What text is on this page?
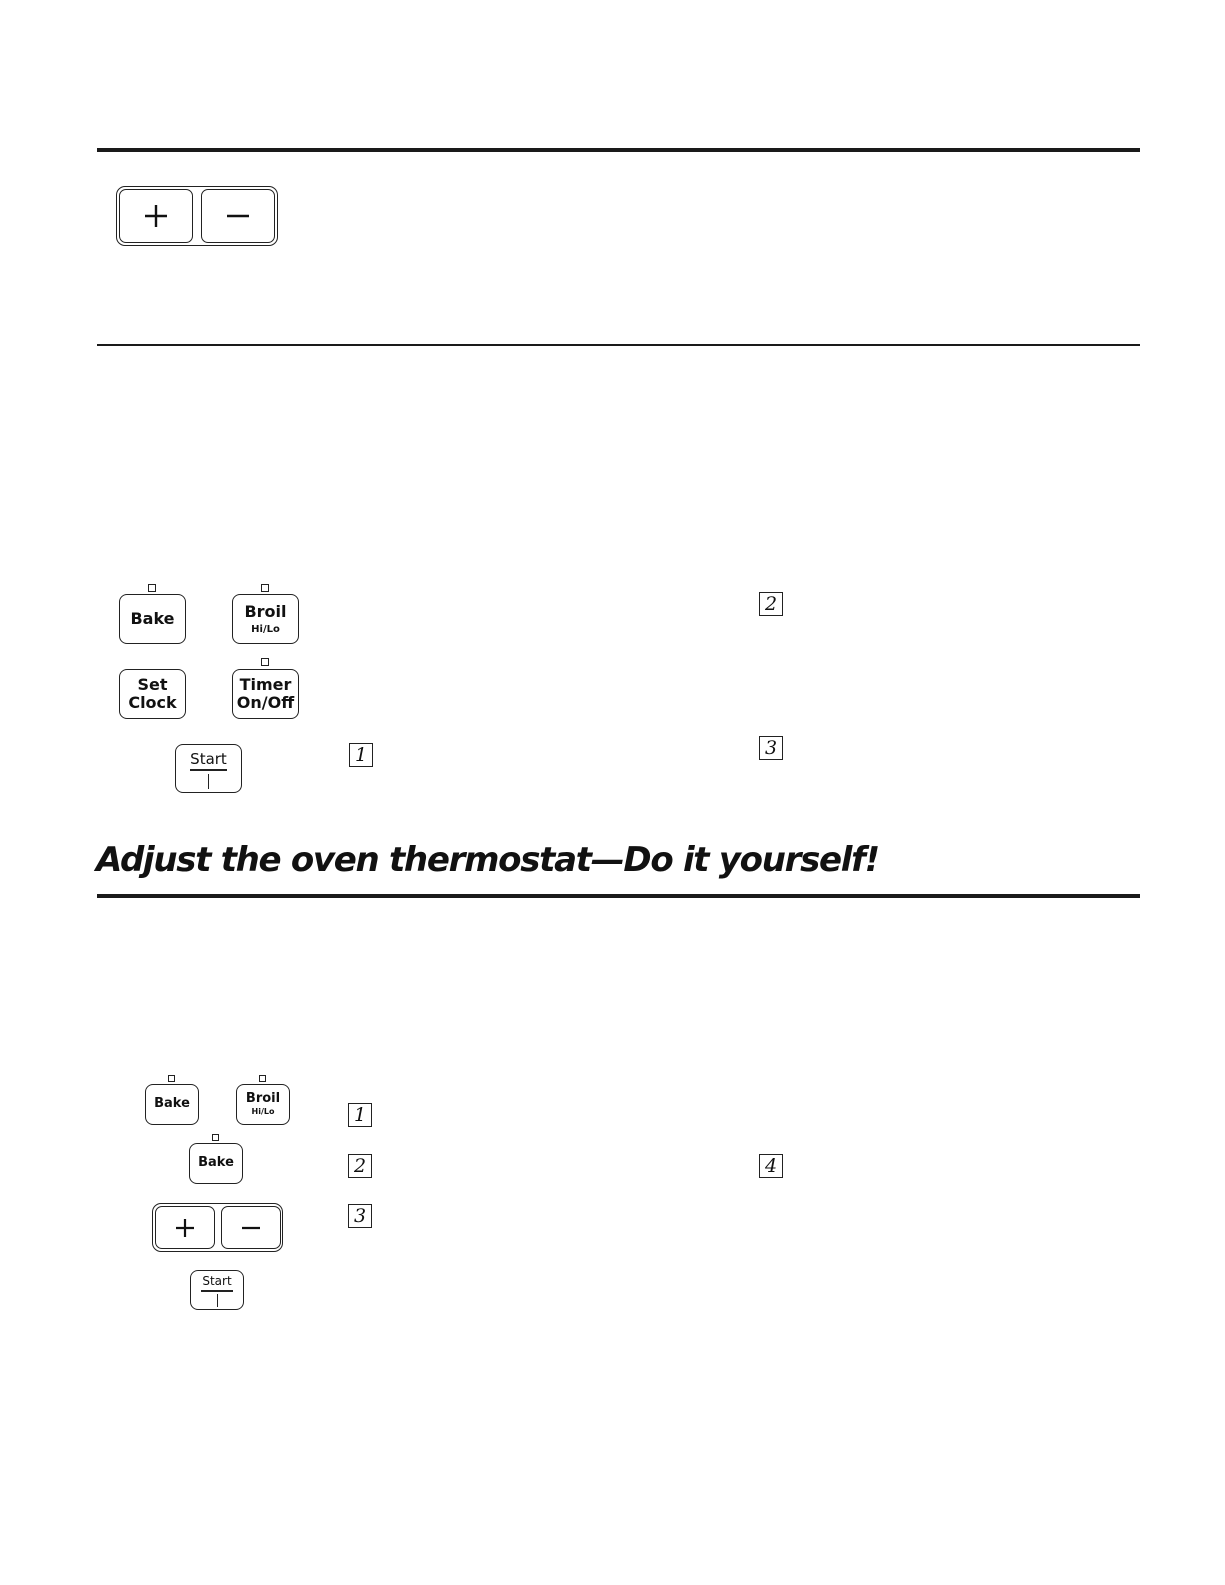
Bake	Broil
Hi/Lo
Set
Clock
Timer
On/Off
Start	1
2
3
Adjust the oven thermostat—Do it yourself!
Bake	Broil
Hi/Lo
Bake
Start
1
2
3
4
